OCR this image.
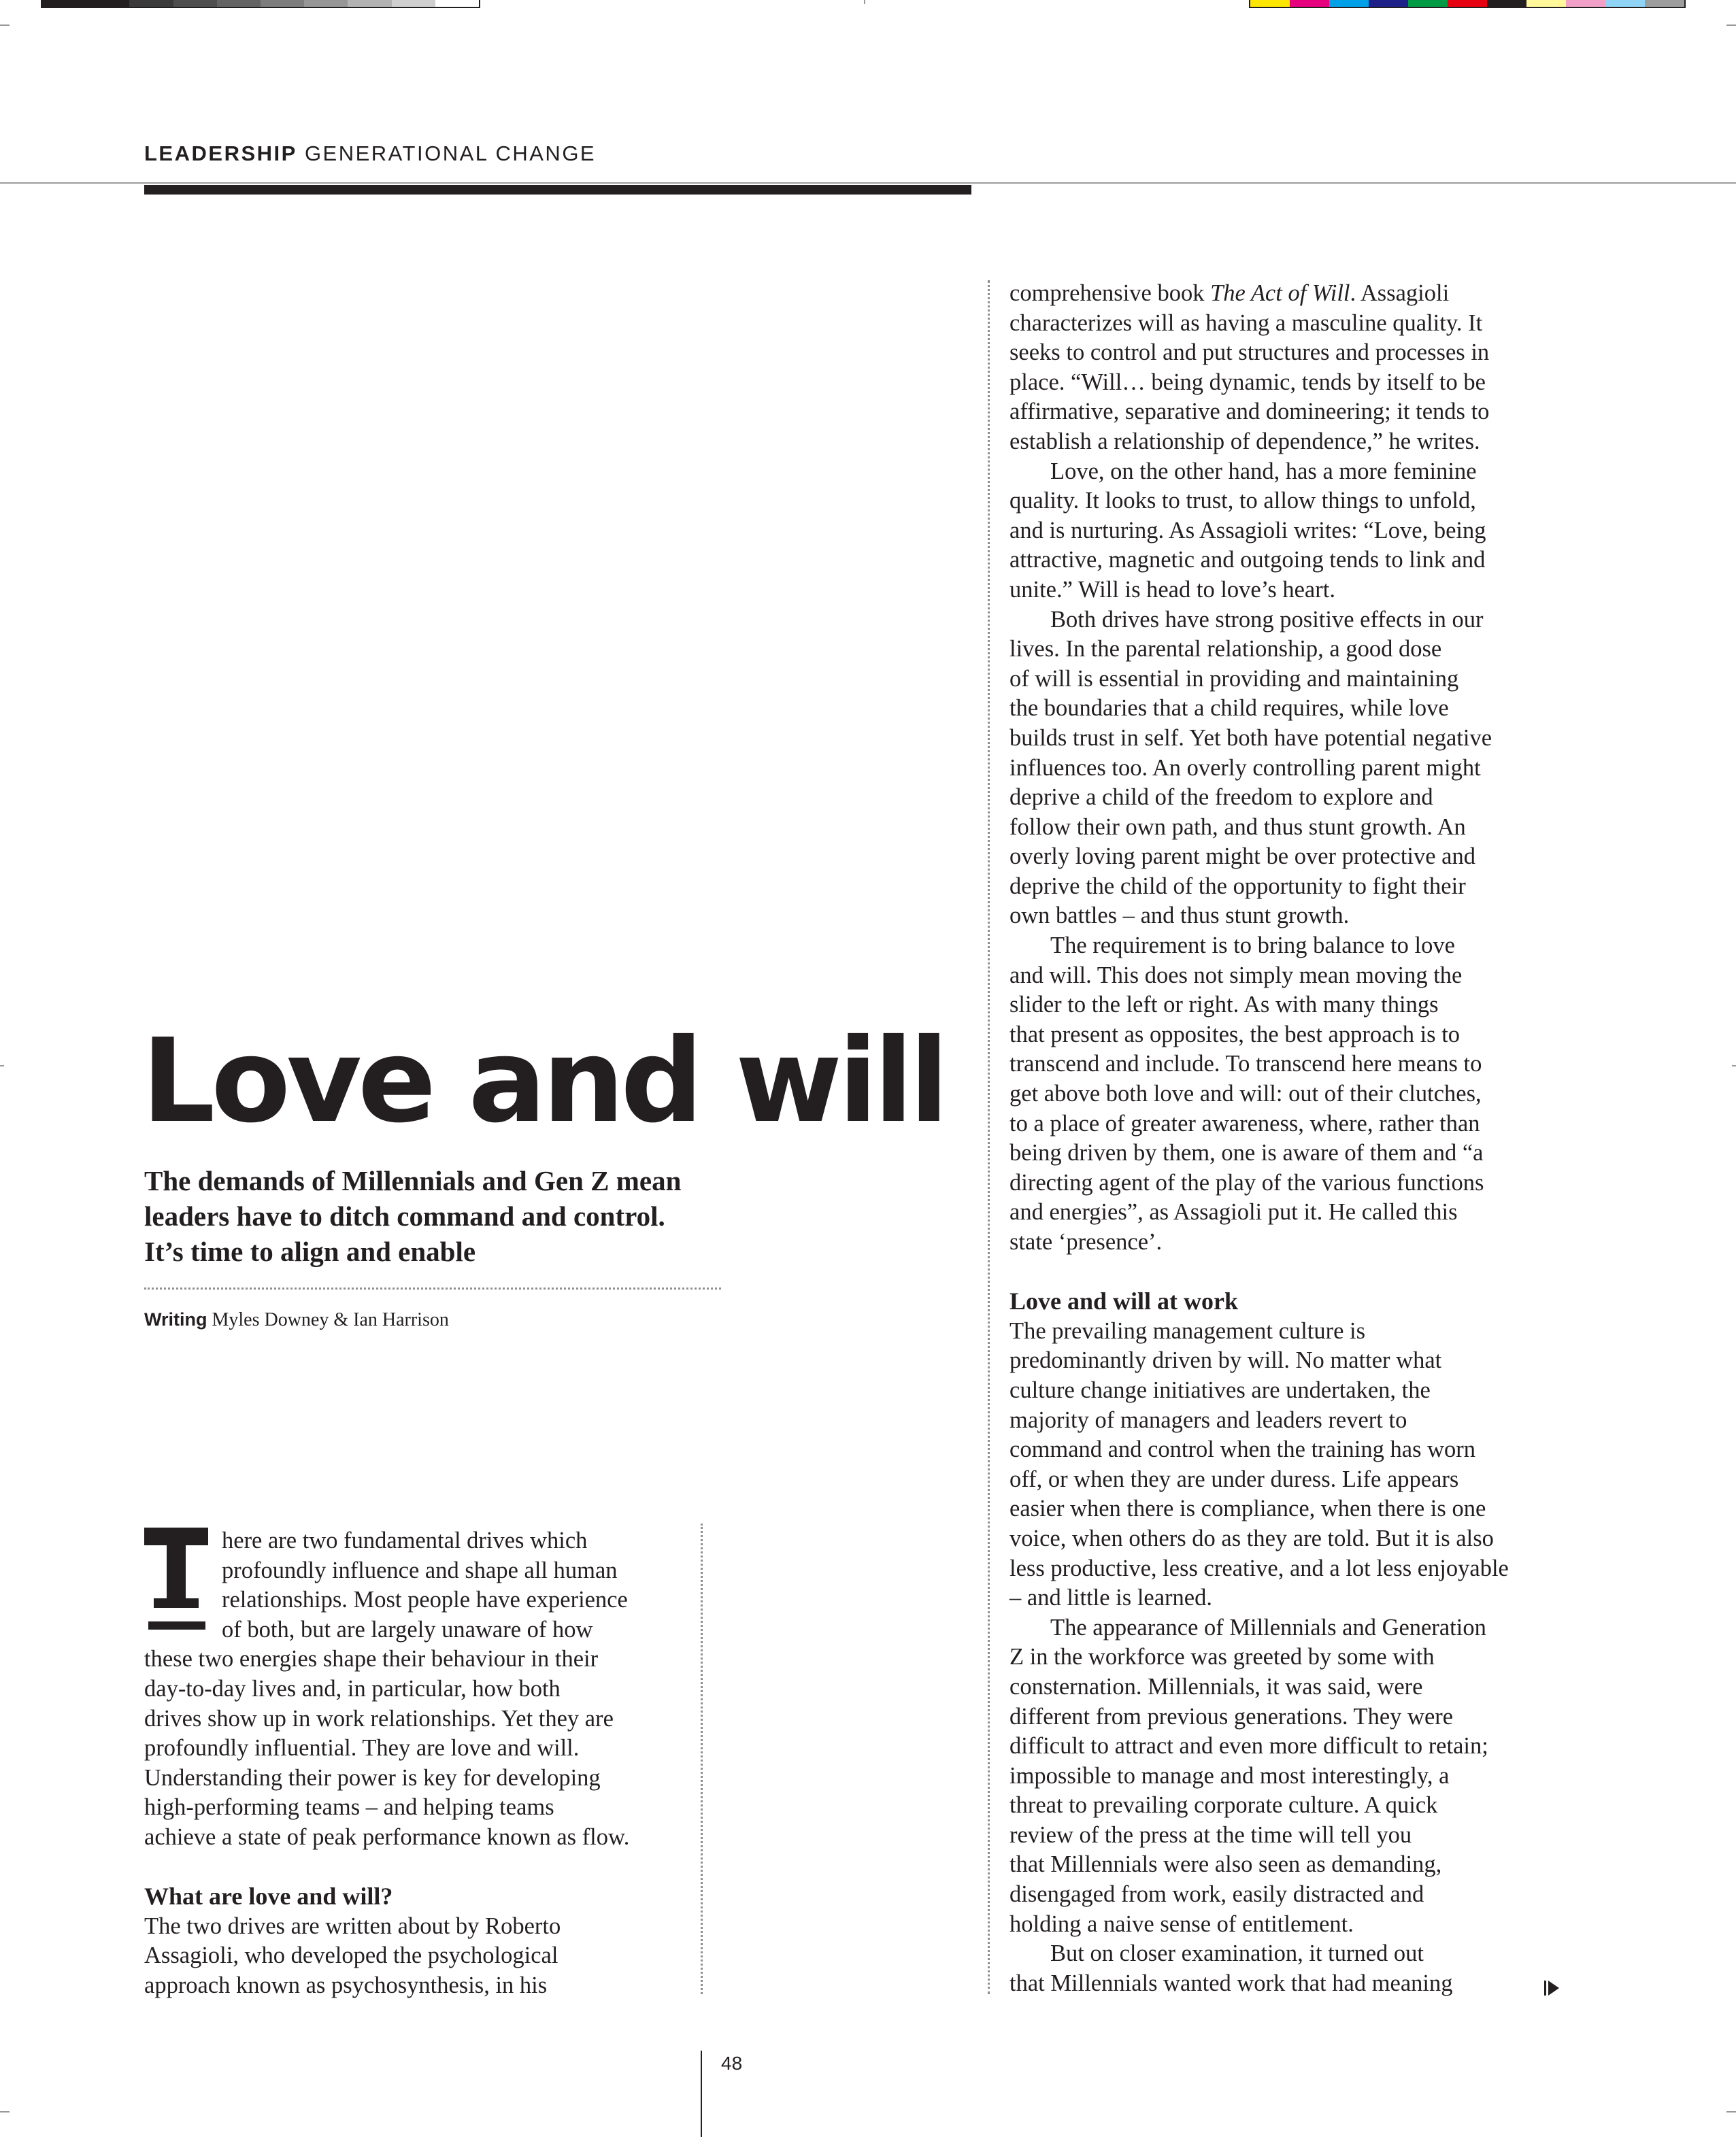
LEADERSHIP GENERATIONAL CHANGE
Love and will
The demands of Millennials and Gen Z mean
leaders have to ditch command and control.
It’s time to align and enable
Writing Myles Downey & Ian Harrison
here are two fundamental drives which
profoundly influence and shape all human
relationships. Most people have experience
of both, but are largely unaware of how
these two energies shape their behaviour in their
day-to-day lives and, in particular, how both
drives show up in work relationships. Yet they are
profoundly influential. They are love and will.
Understanding their power is key for developing
high-performing teams – and helping teams
achieve a state of peak performance known as flow.
What are love and will?
The two drives are written about by Roberto
Assagioli, who developed the psychological
approach known as psychosynthesis, in his
comprehensive book The Act of Will. Assagioli
characterizes will as having a masculine quality. It
seeks to control and put structures and processes in
place. “Will… being dynamic, tends by itself to be
affirmative, separative and domineering; it tends to
establish a relationship of dependence,” he writes.
Love, on the other hand, has a more feminine
quality. It looks to trust, to allow things to unfold,
and is nurturing. As Assagioli writes: “Love, being
attractive, magnetic and outgoing tends to link and
unite.” Will is head to love’s heart.
Both drives have strong positive effects in our
lives. In the parental relationship, a good dose
of will is essential in providing and maintaining
the boundaries that a child requires, while love
builds trust in self. Yet both have potential negative
influences too. An overly controlling parent might
deprive a child of the freedom to explore and
follow their own path, and thus stunt growth. An
overly loving parent might be over protective and
deprive the child of the opportunity to fight their
own battles – and thus stunt growth.
The requirement is to bring balance to love
and will. This does not simply mean moving the
slider to the left or right. As with many things
that present as opposites, the best approach is to
transcend and include. To transcend here means to
get above both love and will: out of their clutches,
to a place of greater awareness, where, rather than
being driven by them, one is aware of them and “a
directing agent of the play of the various functions
and energies”, as Assagioli put it. He called this
state ‘presence’.
Love and will at work
The prevailing management culture is
predominantly driven by will. No matter what
culture change initiatives are undertaken, the
majority of managers and leaders revert to
command and control when the training has worn
off, or when they are under duress. Life appears
easier when there is compliance, when there is one
voice, when others do as they are told. But it is also
less productive, less creative, and a lot less enjoyable
– and little is learned.
The appearance of Millennials and Generation
Z in the workforce was greeted by some with
consternation. Millennials, it was said, were
different from previous generations. They were
difficult to attract and even more difficult to retain;
impossible to manage and most interestingly, a
threat to prevailing corporate culture. A quick
review of the press at the time will tell you
that Millennials were also seen as demanding,
disengaged from work, easily distracted and
holding a naive sense of entitlement.
But on closer examination, it turned out
that Millennials wanted work that had meaning
48
